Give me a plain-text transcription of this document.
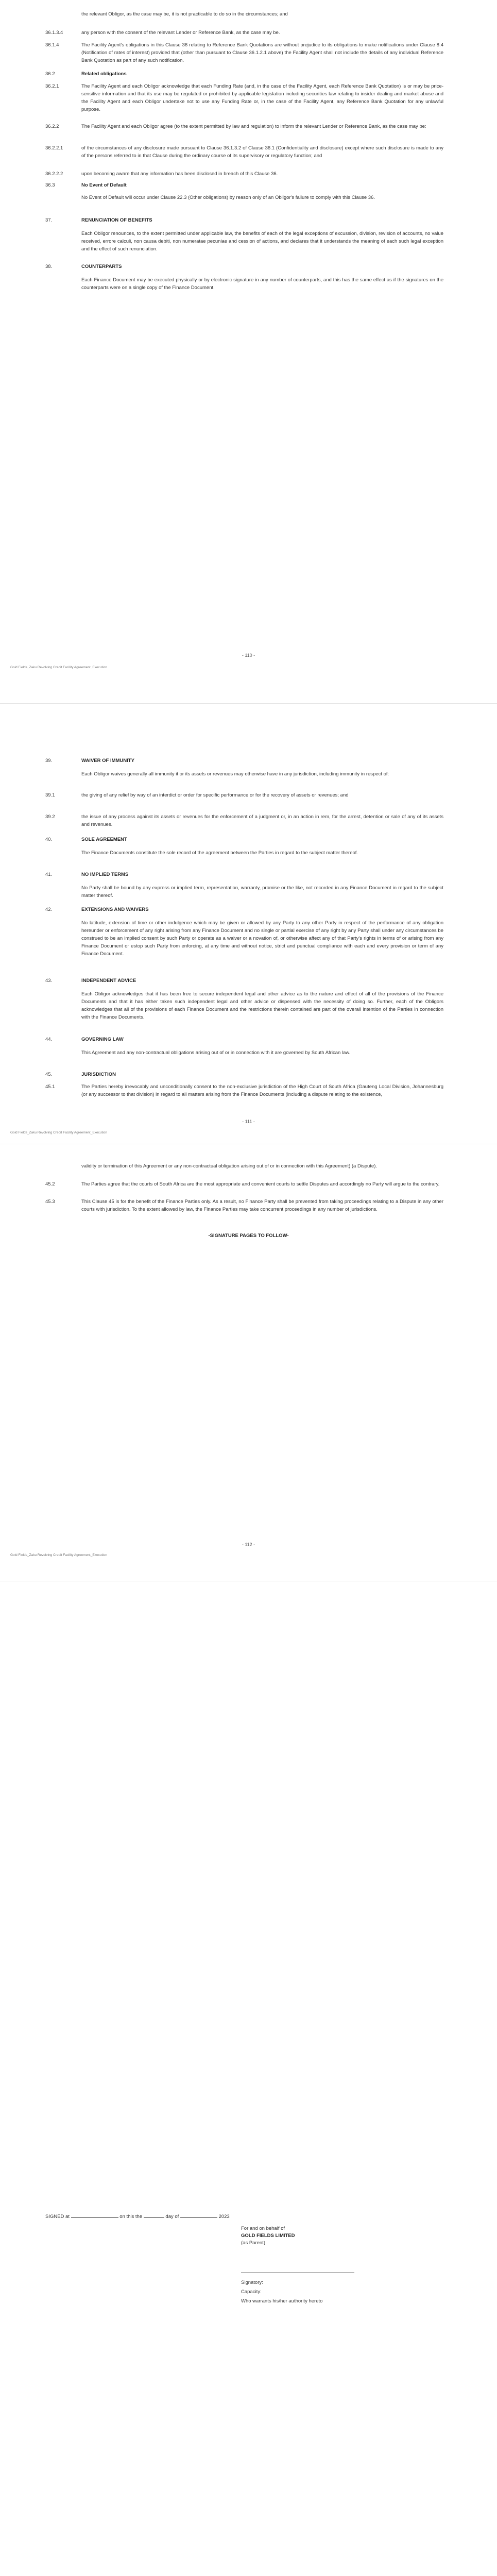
the relevant Obligor, as the case may be, it is not practicable to do so in the circumstances; and
36.1.3.4	any person with the consent of the relevant Lender or Reference Bank, as the case may be.
36.1.4	The Facility Agent's obligations in this Clause 36 relating to Reference Bank Quotations are without prejudice to its obligations to make notifications under Clause 8.4 (Notification of rates of interest) provided that (other than pursuant to Clause 36.1.2.1 above) the Facility Agent shall not include the details of any individual Reference Bank Quotation as part of any such notification.
36.2	Related obligations
36.2.1	The Facility Agent and each Obligor acknowledge that each Funding Rate (and, in the case of the Facility Agent, each Reference Bank Quotation) is or may be price-sensitive information and that its use may be regulated or prohibited by applicable legislation including securities law relating to insider dealing and market abuse and the Facility Agent and each Obligor undertake not to use any Funding Rate or, in the case of the Facility Agent, any Reference Bank Quotation for any unlawful purpose.
36.2.2	The Facility Agent and each Obligor agree (to the extent permitted by law and regulation) to inform the relevant Lender or Reference Bank, as the case may be:
36.2.2.1	of the circumstances of any disclosure made pursuant to Clause 36.1.3.2 of Clause 36.1 (Confidentiality and disclosure) except where such disclosure is made to any of the persons referred to in that Clause during the ordinary course of its supervisory or regulatory function; and
36.2.2.2	upon becoming aware that any information has been disclosed in breach of this Clause 36.
36.3	No Event of Default
No Event of Default will occur under Clause 22.3 (Other obligations) by reason only of an Obligor's failure to comply with this Clause 36.
37.	RENUNCIATION OF BENEFITS
Each Obligor renounces, to the extent permitted under applicable law, the benefits of each of the legal exceptions of excussion, division, revision of accounts, no value received, errore calculi, non causa debiti, non numeratae pecuniae and cession of actions, and declares that it understands the meaning of each such legal exception and the effect of such renunciation.
38.	COUNTERPARTS
Each Finance Document may be executed physically or by electronic signature in any number of counterparts, and this has the same effect as if the signatures on the counterparts were on a single copy of the Finance Document.
- 110 -
Gold Fields_Zaku Revolving Credit Facility Agreement_Execution
39.	WAIVER OF IMMUNITY
Each Obligor waives generally all immunity it or its assets or revenues may otherwise have in any jurisdiction, including immunity in respect of:
39.1	the giving of any relief by way of an interdict or order for specific performance or for the recovery of assets or revenues; and
39.2	the issue of any process against its assets or revenues for the enforcement of a judgment or, in an action in rem, for the arrest, detention or sale of any of its assets and revenues.
40.	SOLE AGREEMENT
The Finance Documents constitute the sole record of the agreement between the Parties in regard to the subject matter thereof.
41.	NO IMPLIED TERMS
No Party shall be bound by any express or implied term, representation, warranty, promise or the like, not recorded in any Finance Document in regard to the subject matter thereof.
42.	EXTENSIONS AND WAIVERS
No latitude, extension of time or other indulgence which may be given or allowed by any Party to any other Party in respect of the performance of any obligation hereunder or enforcement of any right arising from any Finance Document and no single or partial exercise of any right by any Party shall under any circumstances be construed to be an implied consent by such Party or operate as a waiver or a novation of, or otherwise affect any of that Party's rights in terms of or arising from any Finance Document or estop such Party from enforcing, at any time and without notice, strict and punctual compliance with each and every provision or term of any Finance Document.
43.	INDEPENDENT ADVICE
Each Obligor acknowledges that it has been free to secure independent legal and other advice as to the nature and effect of all of the provisions of the Finance Documents and that it has either taken such independent legal and other advice or dispensed with the necessity of doing so. Further, each of the Obligors acknowledges that all of the provisions of each Finance Document and the restrictions therein contained are part of the overall intention of the Parties in connection with the Finance Documents.
44.	GOVERNING LAW
This Agreement and any non-contractual obligations arising out of or in connection with it are governed by South African law.
45.	JURISDICTION
45.1	The Parties hereby irrevocably and unconditionally consent to the non-exclusive jurisdiction of the High Court of South Africa (Gauteng Local Division, Johannesburg (or any successor to that division) in regard to all matters arising from the Finance Documents (including a dispute relating to the existence,
- 111 -
Gold Fields_Zaku Revolving Credit Facility Agreement_Execution
validity or termination of this Agreement or any non-contractual obligation arising out of or in connection with this Agreement) (a Dispute).
45.2	The Parties agree that the courts of South Africa are the most appropriate and convenient courts to settle Disputes and accordingly no Party will argue to the contrary.
45.3	This Clause 45 is for the benefit of the Finance Parties only. As a result, no Finance Party shall be prevented from taking proceedings relating to a Dispute in any other courts with jurisdiction. To the extent allowed by law, the Finance Parties may take concurrent proceedings in any number of jurisdictions.
-SIGNATURE PAGES TO FOLLOW-
- 112 -
Gold Fields_Zaku Revolving Credit Facility Agreement_Execution
SIGNED at	on this the	day of	2023
For and on behalf of
GOLD FIELDS LIMITED
(as Parent)
Signatory:
Capacity:
Who warrants his/her authority hereto
